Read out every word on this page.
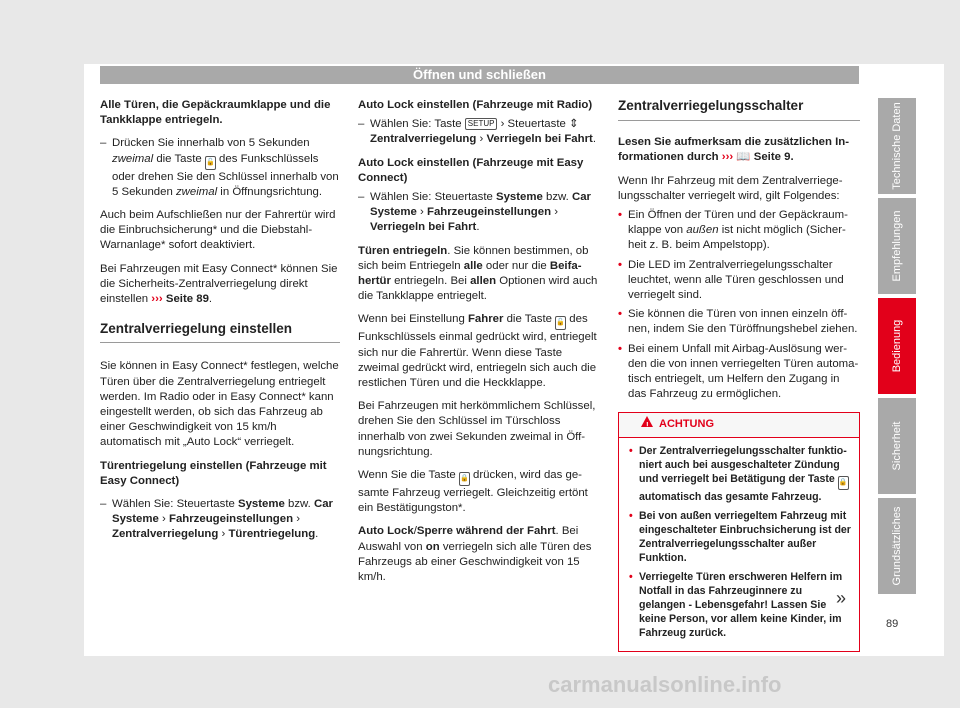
Öffnen und schließen

Alle Türen, die Gepäckraumklappe und die Tankklappe entriegeln.

– Drücken Sie innerhalb von 5 Sekunden zweimal die Taste 🔓 des Funkschlüssels oder drehen Sie den Schlüssel innerhalb von 5 Sekunden zweimal in Öffnungsrichtung.

Auch beim Aufschließen nur der Fahrertür wird die Einbruchsicherung* und die Diebstahl-Warnanlage* sofort deaktiviert.

Bei Fahrzeugen mit Easy Connect* können Sie die Sicherheits-Zentralverriegelung direkt einstellen ››› Seite 89.

Zentralverriegelung einstellen

Sie können in Easy Connect* festlegen, welche Türen über die Zentralverriegelung entriegelt werden. Im Radio oder in Easy Connect* kann eingestellt werden, ob sich das Fahrzeug ab einer Geschwindigkeit von 15 km/h automatisch mit „Auto Lock“ verriegelt.

Türentriegelung einstellen (Fahrzeuge mit Easy Connect)

– Wählen Sie: Steuertaste Systeme bzw. Car Systeme › Fahrzeugeinstellungen › Zentralverriegelung › Türentriegelung.

Auto Lock einstellen (Fahrzeuge mit Radio)

– Wählen Sie: Taste SETUP › Steuertaste ⇕ Zentralverriegelung › Verriegeln bei Fahrt.

Auto Lock einstellen (Fahrzeuge mit Easy Connect)

– Wählen Sie: Steuertaste Systeme bzw. Car Systeme › Fahrzeugeinstellungen › Verriegeln bei Fahrt.

Türen entriegeln. Sie können bestimmen, ob sich beim Entriegeln alle oder nur die Beifahertür entriegeln. Bei allen Optionen wird auch die Tankklappe entriegelt.

Wenn bei Einstellung Fahrer die Taste 🔓 des Funkschlüssels einmal gedrückt wird, entriegelt sich nur die Fahrertür. Wenn diese Taste zweimal gedrückt wird, entriegeln sich auch die restlichen Türen und die Heckklappe.

Bei Fahrzeugen mit herkömmlichem Schlüssel, drehen Sie den Schlüssel im Türschloss innerhalb von zwei Sekunden zweimal in Öffnungsrichtung.

Wenn Sie die Taste 🔒 drücken, wird das gesamte Fahrzeug verriegelt. Gleichzeitig ertönt ein Bestätigungston*.

Auto Lock/Sperre während der Fahrt. Bei Auswahl von on verriegeln sich alle Türen des Fahrzeugs ab einer Geschwindigkeit von 15 km/h.

Zentralverriegelungsschalter

Lesen Sie aufmerksam die zusätzlichen Informationen durch ››› 📖 Seite 9.

Wenn Ihr Fahrzeug mit dem Zentralverriegelungsschalter verriegelt wird, gilt Folgendes:

• Ein Öffnen der Türen und der Gepäckraumklappe von außen ist nicht möglich (Sicherheit z. B. beim Ampelstopp).
• Die LED im Zentralverriegelungsschalter leuchtet, wenn alle Türen geschlossen und verriegelt sind.
• Sie können die Türen von innen einzeln öffnen, indem Sie den Türöffnungshebel ziehen.
• Bei einem Unfall mit Airbag-Auslösung werden die von innen verriegelten Türen automatisch entriegelt, um Helfern den Zugang in das Fahrzeug zu ermöglichen.
! ACHTUNG
• Der Zentralverriegelungsschalter funktioniert auch bei ausgeschalteter Zündung und verriegelt bei Betätigung der Taste 🔒 automatisch das gesamte Fahrzeug.
• Bei von außen verriegeltem Fahrzeug mit eingeschalteter Einbruchsicherung ist der Zentralverriegelungsschalter außer Funktion.
• Verriegelte Türen erschweren Helfern im Notfall in das Fahrzeuginnere zu gelangen - Lebensgefahr! Lassen Sie keine Person, vor allem keine Kinder, im Fahrzeug zurück.
»
Technische Daten
Empfehlungen
Bedienung
Sicherheit
Grundsätzliches
89
carmanualsonline.info
